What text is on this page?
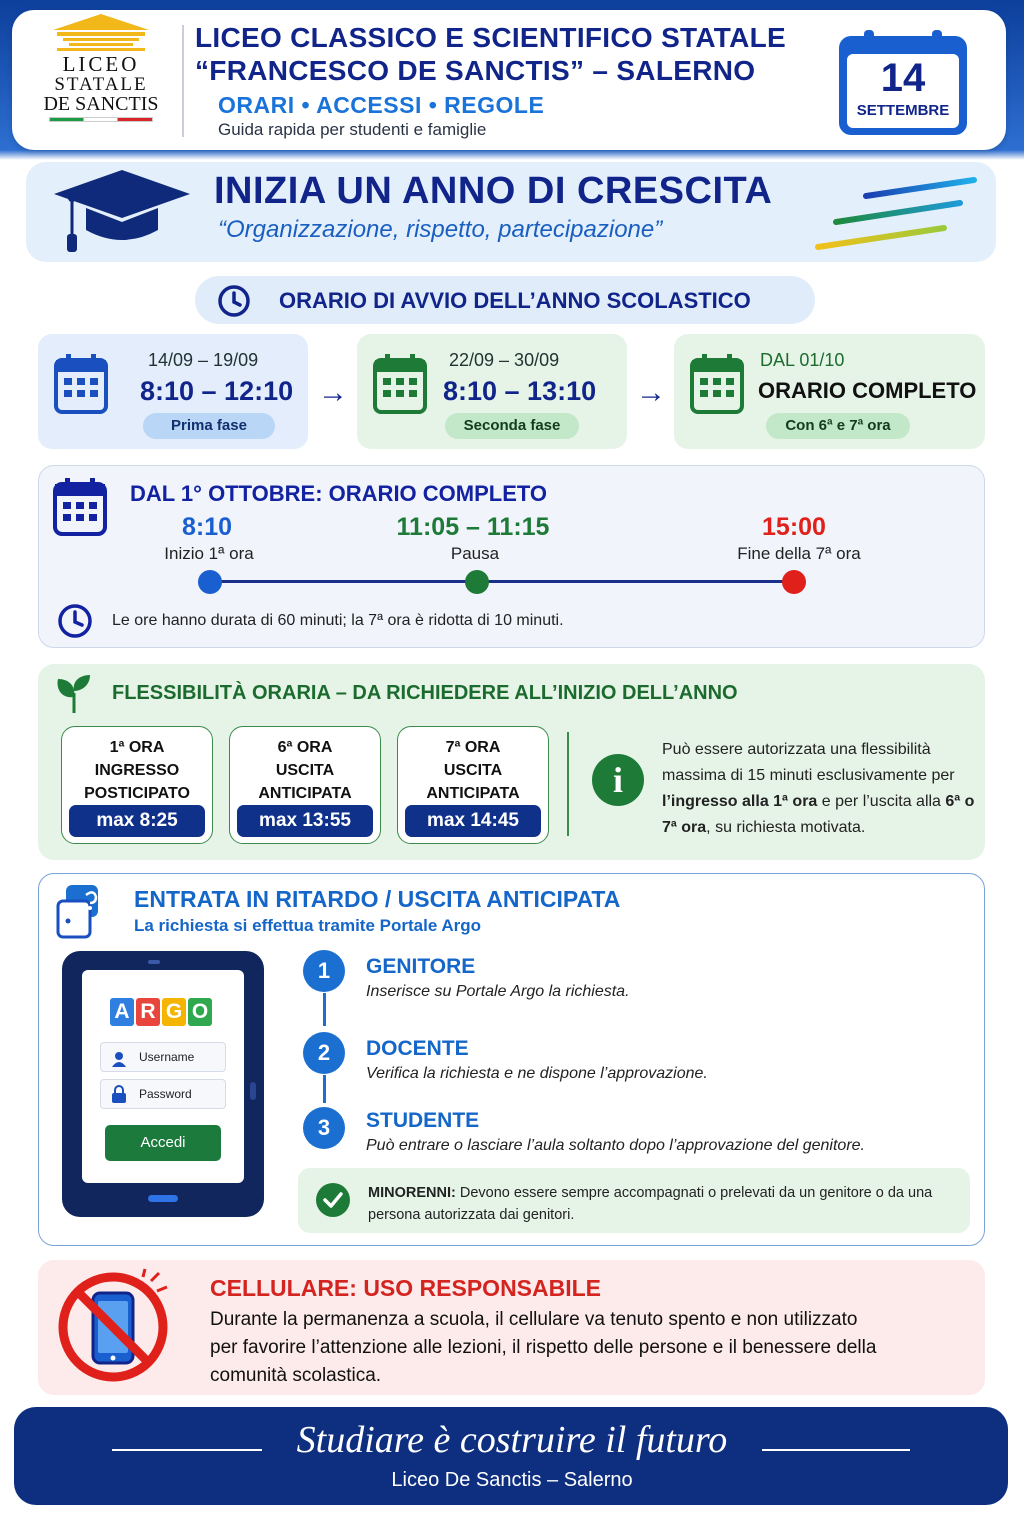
LICEO
STATALE
DE SANCTIS
LICEO CLASSICO E SCIENTIFICO STATALE
“FRANCESCO DE SANCTIS” – SALERNO
ORARI • ACCESSI • REGOLE
Guida rapida per studenti e famiglie
14
SETTEMBRE
INIZIA UN ANNO DI CRESCITA
“Organizzazione, rispetto, partecipazione”
ORARIO DI AVVIO DELL’ANNO SCOLASTICO
14/09 – 19/09
8:10 – 12:10
Prima fase
→
22/09 – 30/09
8:10 – 13:10
Seconda fase
→
DAL 01/10
ORARIO COMPLETO
Con 6ª e 7ª ora
DAL 1° OTTOBRE: ORARIO COMPLETO
8:10
Inizio 1ª ora
11:05 – 11:15
Pausa
15:00
Fine della 7ª ora
Le ore hanno durata di 60 minuti; la 7ª ora è ridotta di 10 minuti.
FLESSIBILITÀ ORARIA – DA RICHIEDERE ALL’INIZIO DELL’ANNO
1ª ORA
INGRESSO
POSTICIPATO
max 8:25
6ª ORA
USCITA
ANTICIPATA
max 13:55
7ª ORA
USCITA
ANTICIPATA
max 14:45
i
Può essere autorizzata una flessibilità massima di 15 minuti esclusivamente per l’ingresso alla 1ª ora e per l’uscita alla 6ª o 7ª ora, su richiesta motivata.
ENTRATA IN RITARDO / USCITA ANTICIPATA
La richiesta si effettua tramite Portale Argo
A R G O
Username
Password
Accedi
1
2
3
GENITORE
Inserisce su Portale Argo la richiesta.
DOCENTE
Verifica la richiesta e ne dispone l’approvazione.
STUDENTE
Può entrare o lasciare l’aula soltanto dopo l’approvazione del genitore.
MINORENNI: Devono essere sempre accompagnati o prelevati da un genitore o da una persona autorizzata dai genitori.
CELLULARE: USO RESPONSABILE
Durante la permanenza a scuola, il cellulare va tenuto spento e non utilizzato per favorire l’attenzione alle lezioni, il rispetto delle persone e il benessere della comunità scolastica.
Studiare è costruire il futuro
Liceo De Sanctis – Salerno
